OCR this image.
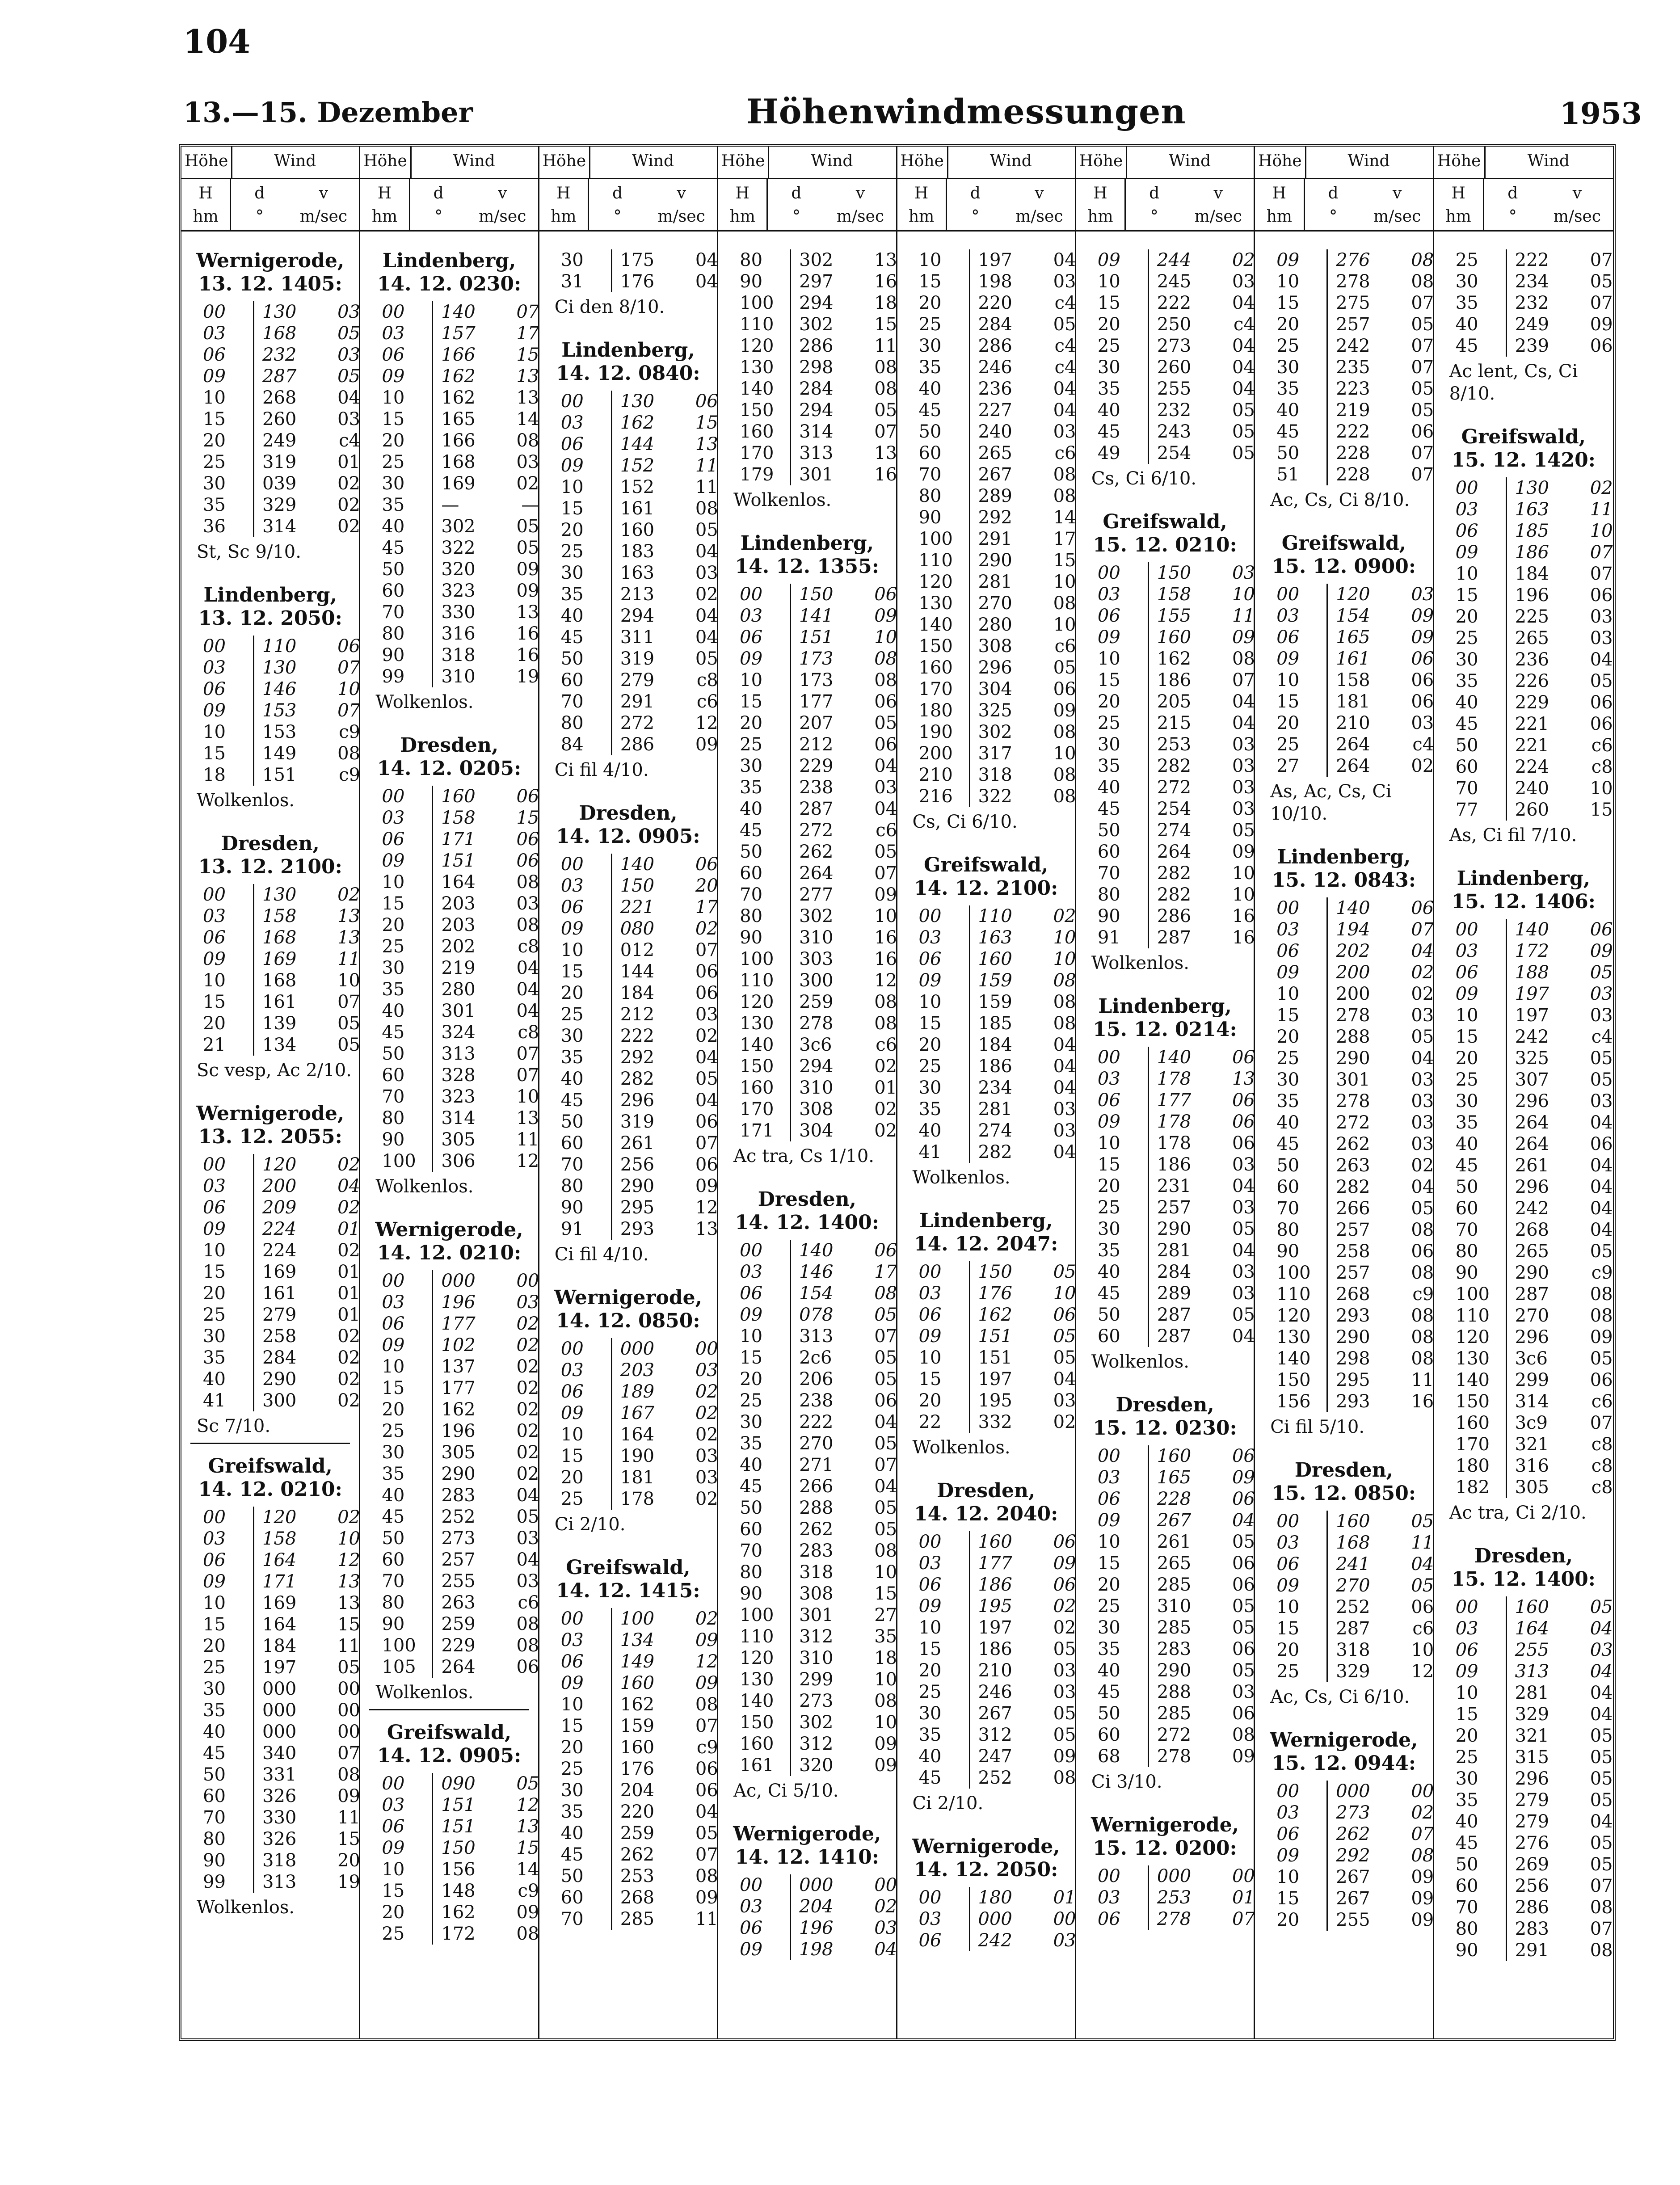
104
13.—15. Dezember	Höhenwindmessungen	1953
Höhe	Wind
H
hm
d
°
v
m/sec
Wernigerode,
13. 12. 1405:
00	130	03
03	168	05
06	232	03
09	287	05
10	268	04
15	260	03
20	249	c4
25	319	01
30	039	02
35	329	02
36	314	02
St, Sc 9/10.
Lindenberg,
13. 12. 2050:
00	110	06
03	130	07
06	146	10
09	153	07
10	153	c9
15	149	08
18	151	c9
Wolkenlos.
Dresden,
13. 12. 2100:
00	130	02
03	158	13
06	168	13
09	169	11
10	168	10
15	161	07
20	139	05
21	134	05
Sc vesp, Ac 2/10.
Wernigerode,
13. 12. 2055:
00	120	02
03	200	04
06	209	02
09	224	01
10	224	02
15	169	01
20	161	01
25	279	01
30	258	02
35	284	02
40	290	02
41	300	02
Sc 7/10.
Greifswald,
14. 12. 0210:
00	120	02
03	158	10
06	164	12
09	171	13
10	169	13
15	164	15
20	184	11
25	197	05
30	000	00
35	000	00
40	000	00
45	340	07
50	331	08
60	326	09
70	330	11
80	326	15
90	318	20
99	313	19
Wolkenlos.
Höhe	Wind
H
hm
d
°
v
m/sec
Lindenberg,
14. 12. 0230:
00	140	07
03	157	17
06	166	15
09	162	13
10	162	13
15	165	14
20	166	08
25	168	03
30	169	02
35	—	—
40	302	05
45	322	05
50	320	09
60	323	09
70	330	13
80	316	16
90	318	16
99	310	19
Wolkenlos.
Dresden,
14. 12. 0205:
00	160	06
03	158	15
06	171	06
09	151	06
10	164	08
15	203	03
20	203	08
25	202	c8
30	219	04
35	280	04
40	301	04
45	324	c8
50	313	07
60	328	07
70	323	10
80	314	13
90	305	11
100	306	12
Wolkenlos.
Wernigerode,
14. 12. 0210:
00	000	00
03	196	03
06	177	02
09	102	02
10	137	02
15	177	02
20	162	02
25	196	02
30	305	02
35	290	02
40	283	04
45	252	05
50	273	03
60	257	04
70	255	03
80	263	c6
90	259	08
100	229	08
105	264	06
Wolkenlos.
Greifswald,
14. 12. 0905:
00	090	05
03	151	12
06	151	13
09	150	15
10	156	14
15	148	c9
20	162	09
25	172	08
Höhe	Wind
H
hm
d
°
v
m/sec
30	175	04
31	176	04
Ci den 8/10.
Lindenberg,
14. 12. 0840:
00	130	06
03	162	15
06	144	13
09	152	11
10	152	11
15	161	08
20	160	05
25	183	04
30	163	03
35	213	02
40	294	04
45	311	04
50	319	05
60	279	c8
70	291	c6
80	272	12
84	286	09
Ci fil 4/10.
Dresden,
14. 12. 0905:
00	140	06
03	150	20
06	221	17
09	080	02
10	012	07
15	144	06
20	184	06
25	212	03
30	222	02
35	292	04
40	282	05
45	296	04
50	319	06
60	261	07
70	256	06
80	290	09
90	295	12
91	293	13
Ci fil 4/10.
Wernigerode,
14. 12. 0850:
00	000	00
03	203	03
06	189	02
09	167	02
10	164	02
15	190	03
20	181	03
25	178	02
Ci 2/10.
Greifswald,
14. 12. 1415:
00	100	02
03	134	09
06	149	12
09	160	09
10	162	08
15	159	07
20	160	c9
25	176	06
30	204	06
35	220	04
40	259	05
45	262	07
50	253	08
60	268	09
70	285	11
Höhe	Wind
H
hm
d
°
v
m/sec
80	302	13
90	297	16
100	294	18
110	302	15
120	286	11
130	298	08
140	284	08
150	294	05
160	314	07
170	313	13
179	301	16
Wolkenlos.
Lindenberg,
14. 12. 1355:
00	150	06
03	141	09
06	151	10
09	173	08
10	173	08
15	177	06
20	207	05
25	212	06
30	229	04
35	238	03
40	287	04
45	272	c6
50	262	05
60	264	07
70	277	09
80	302	10
90	310	16
100	303	16
110	300	12
120	259	08
130	278	08
140	3c6	c6
150	294	02
160	310	01
170	308	02
171	304	02
Ac tra, Cs 1/10.
Dresden,
14. 12. 1400:
00	140	06
03	146	17
06	154	08
09	078	05
10	313	07
15	2c6	05
20	206	05
25	238	06
30	222	04
35	270	05
40	271	07
45	266	04
50	288	05
60	262	05
70	283	08
80	318	10
90	308	15
100	301	27
110	312	35
120	310	18
130	299	10
140	273	08
150	302	10
160	312	09
161	320	09
Ac, Ci 5/10.
Wernigerode,
14. 12. 1410:
00	000	00
03	204	02
06	196	03
09	198	04
Höhe	Wind
H
hm
d
°
v
m/sec
10	197	04
15	198	03
20	220	c4
25	284	05
30	286	c4
35	246	c4
40	236	04
45	227	04
50	240	03
60	265	c6
70	267	08
80	289	08
90	292	14
100	291	17
110	290	15
120	281	10
130	270	08
140	280	10
150	308	c6
160	296	05
170	304	06
180	325	09
190	302	08
200	317	10
210	318	08
216	322	08
Cs, Ci 6/10.
Greifswald,
14. 12. 2100:
00	110	02
03	163	10
06	160	10
09	159	08
10	159	08
15	185	08
20	184	04
25	186	04
30	234	04
35	281	03
40	274	03
41	282	04
Wolkenlos.
Lindenberg,
14. 12. 2047:
00	150	05
03	176	10
06	162	06
09	151	05
10	151	05
15	197	04
20	195	03
22	332	02
Wolkenlos.
Dresden,
14. 12. 2040:
00	160	06
03	177	09
06	186	06
09	195	02
10	197	02
15	186	05
20	210	03
25	246	03
30	267	05
35	312	05
40	247	09
45	252	08
Ci 2/10.
Wernigerode,
14. 12. 2050:
00	180	01
03	000	00
06	242	03
Höhe	Wind
H
hm
d
°
v
m/sec
09	244	02
10	245	03
15	222	04
20	250	c4
25	273	04
30	260	04
35	255	04
40	232	05
45	243	05
49	254	05
Cs, Ci 6/10.
Greifswald,
15. 12. 0210:
00	150	03
03	158	10
06	155	11
09	160	09
10	162	08
15	186	07
20	205	04
25	215	04
30	253	03
35	282	03
40	272	03
45	254	03
50	274	05
60	264	09
70	282	10
80	282	10
90	286	16
91	287	16
Wolkenlos.
Lindenberg,
15. 12. 0214:
00	140	06
03	178	13
06	177	06
09	178	06
10	178	06
15	186	03
20	231	04
25	257	03
30	290	05
35	281	04
40	284	03
45	289	03
50	287	05
60	287	04
Wolkenlos.
Dresden,
15. 12. 0230:
00	160	06
03	165	09
06	228	06
09	267	04
10	261	05
15	265	06
20	285	06
25	310	05
30	285	05
35	283	06
40	290	05
45	288	03
50	285	06
60	272	08
68	278	09
Ci 3/10.
Wernigerode,
15. 12. 0200:
00	000	00
03	253	01
06	278	07
Höhe	Wind
H
hm
d
°
v
m/sec
09	276	08
10	278	08
15	275	07
20	257	05
25	242	07
30	235	07
35	223	05
40	219	05
45	222	06
50	228	07
51	228	07
Ac, Cs, Ci 8/10.
Greifswald,
15. 12. 0900:
00	120	03
03	154	09
06	165	09
09	161	06
10	158	06
15	181	06
20	210	03
25	264	c4
27	264	02
As, Ac, Cs, Ci 10/10.
Lindenberg,
15. 12. 0843:
00	140	06
03	194	07
06	202	04
09	200	02
10	200	02
15	278	03
20	288	05
25	290	04
30	301	03
35	278	03
40	272	03
45	262	03
50	263	02
60	282	04
70	266	05
80	257	08
90	258	06
100	257	08
110	268	c9
120	293	08
130	290	08
140	298	08
150	295	11
156	293	16
Ci fil 5/10.
Dresden,
15. 12. 0850:
00	160	05
03	168	11
06	241	04
09	270	05
10	252	06
15	287	c6
20	318	10
25	329	12
Ac, Cs, Ci 6/10.
Wernigerode,
15. 12. 0944:
00	000	00
03	273	02
06	262	07
09	292	08
10	267	09
15	267	09
20	255	09
Höhe	Wind
H
hm
d
°
v
m/sec
25	222	07
30	234	05
35	232	07
40	249	09
45	239	06
Ac lent, Cs, Ci 8/10.
Greifswald,
15. 12. 1420:
00	130	02
03	163	11
06	185	10
09	186	07
10	184	07
15	196	06
20	225	03
25	265	03
30	236	04
35	226	05
40	229	06
45	221	06
50	221	c6
60	224	c8
70	240	10
77	260	15
As, Ci fil 7/10.
Lindenberg,
15. 12. 1406:
00	140	06
03	172	09
06	188	05
09	197	03
10	197	03
15	242	c4
20	325	05
25	307	05
30	296	03
35	264	04
40	264	06
45	261	04
50	296	04
60	242	04
70	268	04
80	265	05
90	290	c9
100	287	08
110	270	08
120	296	09
130	3c6	05
140	299	06
150	314	c6
160	3c9	07
170	321	c8
180	316	c8
182	305	c8
Ac tra, Ci 2/10.
Dresden,
15. 12. 1400:
00	160	05
03	164	04
06	255	03
09	313	04
10	281	04
15	329	04
20	321	05
25	315	05
30	296	05
35	279	05
40	279	04
45	276	05
50	269	05
60	256	07
70	286	08
80	283	07
90	291	08
